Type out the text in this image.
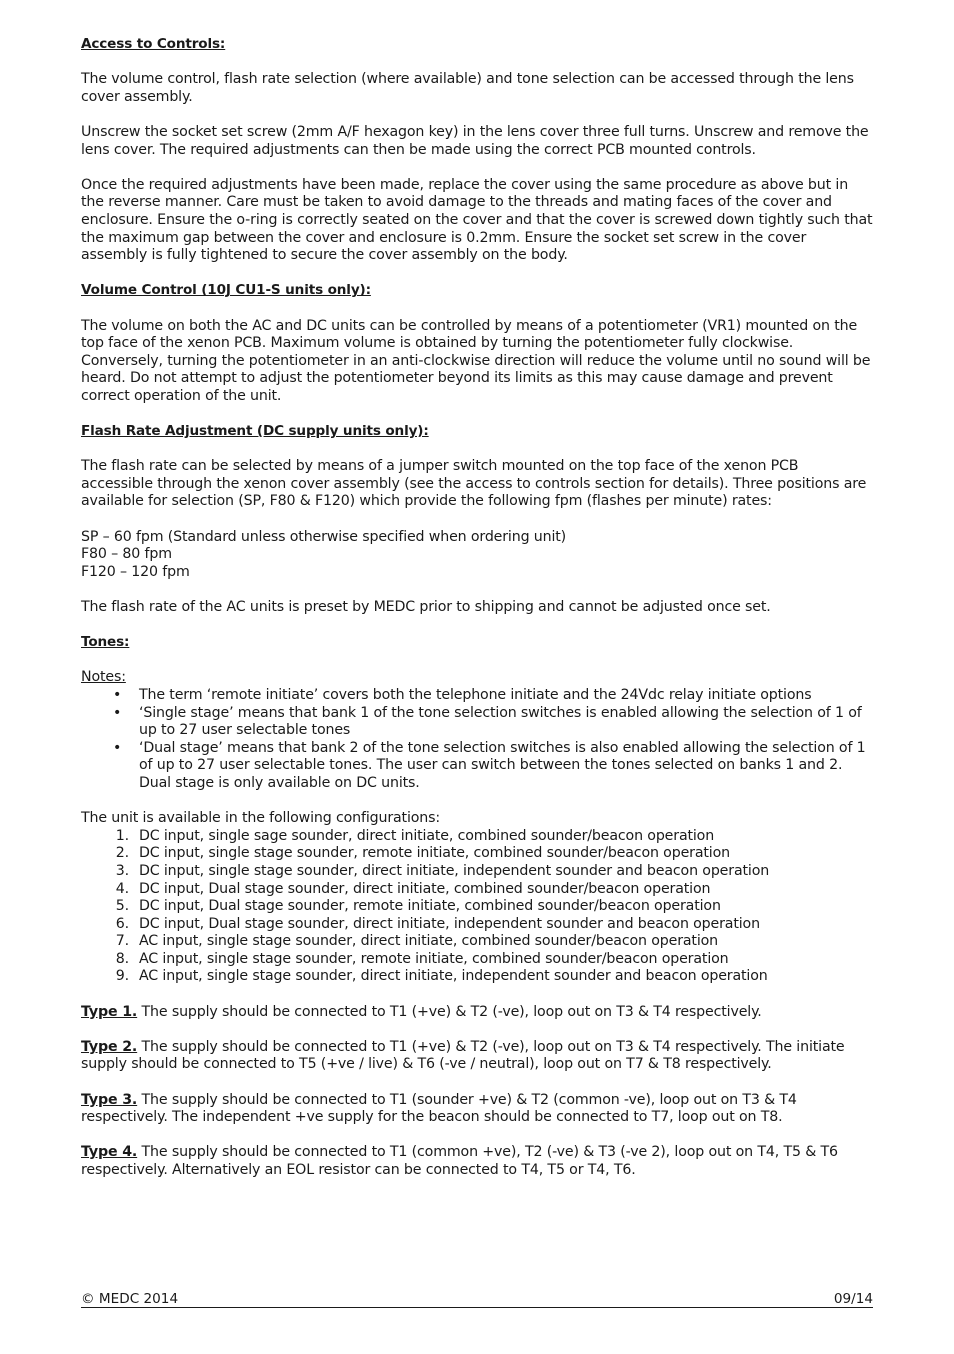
Access to Controls:

The volume control, flash rate selection (where available) and tone selection can be accessed through the lens cover assembly.

Unscrew the socket set screw (2mm A/F hexagon key) in the lens cover three full turns. Unscrew and remove the lens cover. The required adjustments can then be made using the correct PCB mounted controls.

Once the required adjustments have been made, replace the cover using the same procedure as above but in the reverse manner. Care must be taken to avoid damage to the threads and mating faces of the cover and enclosure. Ensure the o-ring is correctly seated on the cover and that the cover is screwed down tightly such that the maximum gap between the cover and enclosure is 0.2mm. Ensure the socket set screw in the cover assembly is fully tightened to secure the cover assembly on the body.

Volume Control (10J CU1-S units only):

The volume on both the AC and DC units can be controlled by means of a potentiometer (VR1) mounted on the top face of the xenon PCB. Maximum volume is obtained by turning the potentiometer fully clockwise. Conversely, turning the potentiometer in an anti-clockwise direction will reduce the volume until no sound will be heard. Do not attempt to adjust the potentiometer beyond its limits as this may cause damage and prevent correct operation of the unit.

Flash Rate Adjustment (DC supply units only):

The flash rate can be selected by means of a jumper switch mounted on the top face of the xenon PCB accessible through the xenon cover assembly (see the access to controls section for details). Three positions are available for selection (SP, F80 & F120) which provide the following fpm (flashes per minute) rates:

SP – 60 fpm (Standard unless otherwise specified when ordering unit)

F80 – 80 fpm

F120 – 120 fpm

The flash rate of the AC units is preset by MEDC prior to shipping and cannot be adjusted once set.

Tones:
Notes:
• The term ‘remote initiate’ covers both the telephone initiate and the 24Vdc relay initiate options
• ‘Single stage’ means that bank 1 of the tone selection switches is enabled allowing the selection of 1 of up to 27 user selectable tones
• ‘Dual stage’ means that bank 2 of the tone selection switches is also enabled allowing the selection of 1 of up to 27 user selectable tones. The user can switch between the tones selected on banks 1 and 2. Dual stage is only available on DC units.

The unit is available in the following configurations:

1. DC input, single sage sounder, direct initiate, combined sounder/beacon operation
2. DC input, single stage sounder, remote initiate, combined sounder/beacon operation
3. DC input, single stage sounder, direct initiate, independent sounder and beacon operation
4. DC input, Dual stage sounder, direct initiate, combined sounder/beacon operation
5. DC input, Dual stage sounder, remote initiate, combined sounder/beacon operation
6. DC input, Dual stage sounder, direct initiate, independent sounder and beacon operation
7. AC input, single stage sounder, direct initiate, combined sounder/beacon operation
8. AC input, single stage sounder, remote initiate, combined sounder/beacon operation
9. AC input, single stage sounder, direct initiate, independent sounder and beacon operation

Type 1. The supply should be connected to T1 (+ve) & T2 (-ve), loop out on T3 & T4 respectively.

Type 2. The supply should be connected to T1 (+ve) & T2 (-ve), loop out on T3 & T4 respectively. The initiate supply should be connected to T5 (+ve / live) & T6 (-ve / neutral), loop out on T7 & T8 respectively.

Type 3. The supply should be connected to T1 (sounder +ve) & T2 (common -ve), loop out on T3 & T4 respectively. The independent +ve supply for the beacon should be connected to T7, loop out on T8.

Type 4. The supply should be connected to T1 (common +ve), T2 (-ve) & T3 (-ve 2), loop out on T4, T5 & T6 respectively. Alternatively an EOL resistor can be connected to T4, T5 or T4, T6.

© MEDC 2014	09/14
